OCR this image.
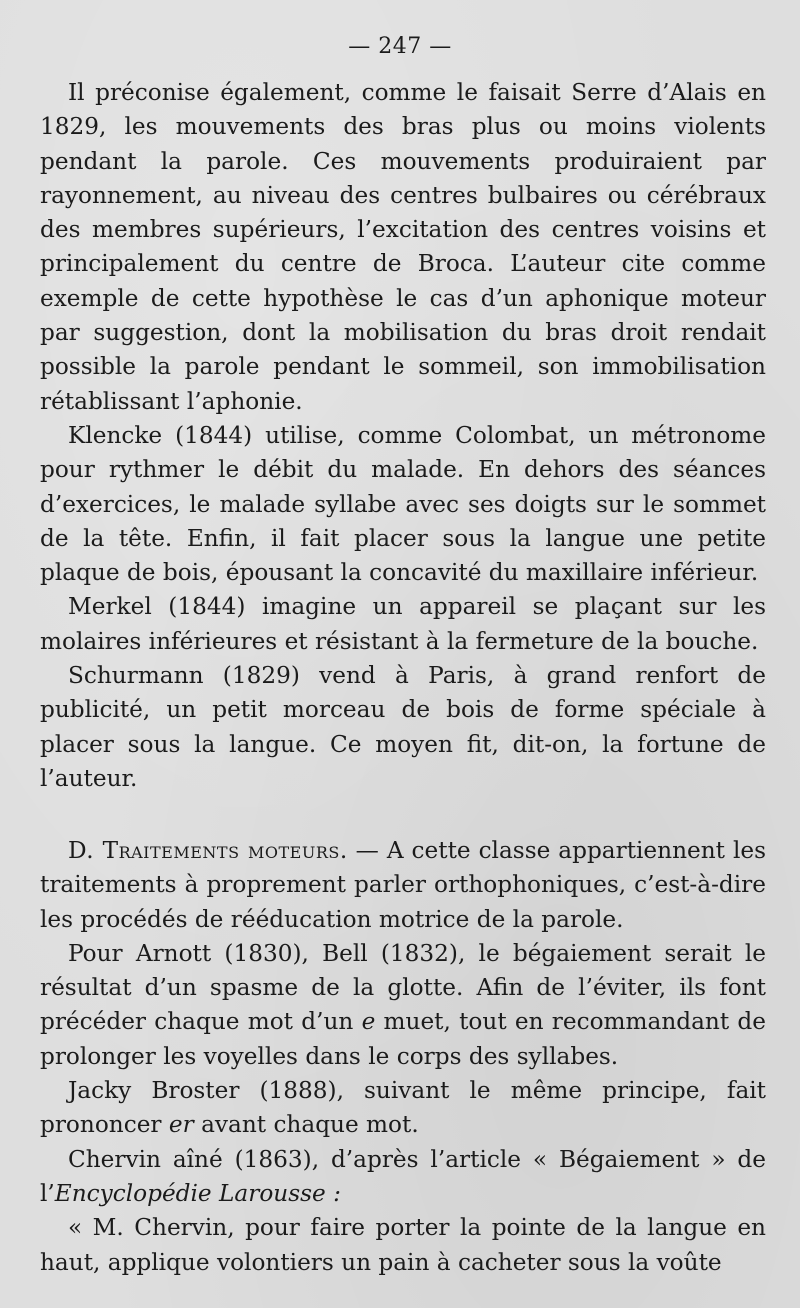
— 247 —

Il préconise également, comme le faisait Serre d’Alais en 1829, les mouvements des bras plus ou moins violents pendant la parole. Ces mouvements produiraient par rayonnement, au niveau des centres bulbaires ou cérébraux des membres supérieurs, l’excitation des centres voisins et principalement du centre de Broca. L’auteur cite comme exemple de cette hypothèse le cas d’un aphonique moteur par suggestion, dont la mobilisation du bras droit rendait possible la parole pendant le sommeil, son immobilisation rétablissant l’aphonie.

Klencke (1844) utilise, comme Colombat, un métronome pour rythmer le débit du malade. En dehors des séances d’exercices, le malade syllabe avec ses doigts sur le sommet de la tête. Enfin, il fait placer sous la langue une petite plaque de bois, épousant la concavité du maxillaire inférieur.

Merkel (1844) imagine un appareil se plaçant sur les molaires inférieures et résistant à la fermeture de la bouche.

Schurmann (1829) vend à Paris, à grand renfort de publicité, un petit morceau de bois de forme spéciale à placer sous la langue. Ce moyen fit, dit-on, la fortune de l’auteur.

D. Traitements moteurs. — A cette classe appartiennent les traitements à proprement parler orthophoniques, c’est-à-dire les procédés de rééducation motrice de la parole.

Pour Arnott (1830), Bell (1832), le bégaiement serait le résultat d’un spasme de la glotte. Afin de l’éviter, ils font précéder chaque mot d’un e muet, tout en recommandant de prolonger les voyelles dans le corps des syllabes.

Jacky Broster (1888), suivant le même principe, fait prononcer er avant chaque mot.

Chervin aîné (1863), d’après l’article « Bégaiement » de l’Encyclopédie Larousse :

« M. Chervin, pour faire porter la pointe de la langue en haut, applique volontiers un pain à cacheter sous la voûte
